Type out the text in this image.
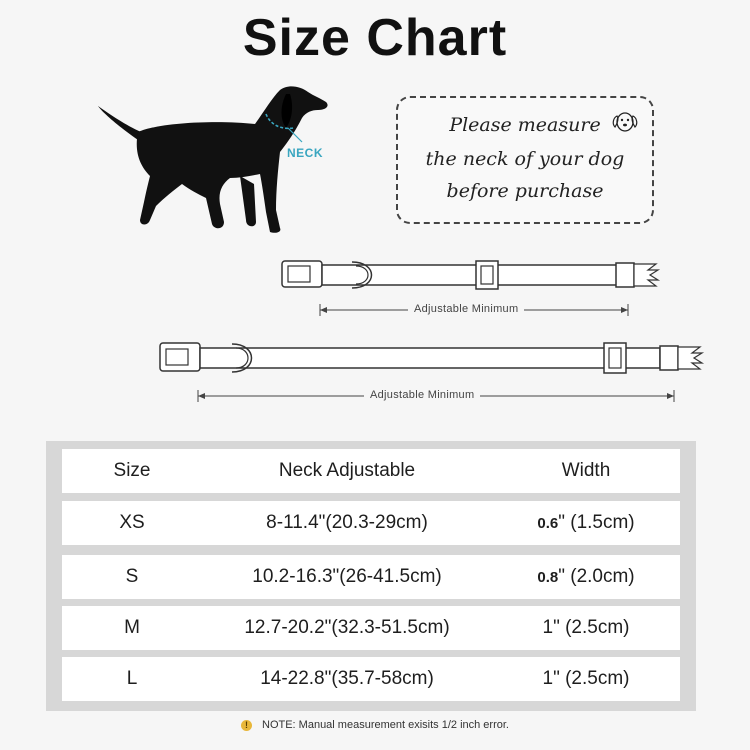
Size Chart
NECK
Please measure
the neck of your dog
before purchase
Adjustable Minimum
Adjustable Minimum
Size	Neck Adjustable	Width
XS	8-11.4"(20.3-29cm)	0.6" (1.5cm)
S	10.2-16.3"(26-41.5cm)	0.8" (2.0cm)
M	12.7-20.2"(32.3-51.5cm)	1" (2.5cm)
L	14-22.8"(35.7-58cm)	1" (2.5cm)
! NOTE: Manual measurement exisits 1/2 inch error.
